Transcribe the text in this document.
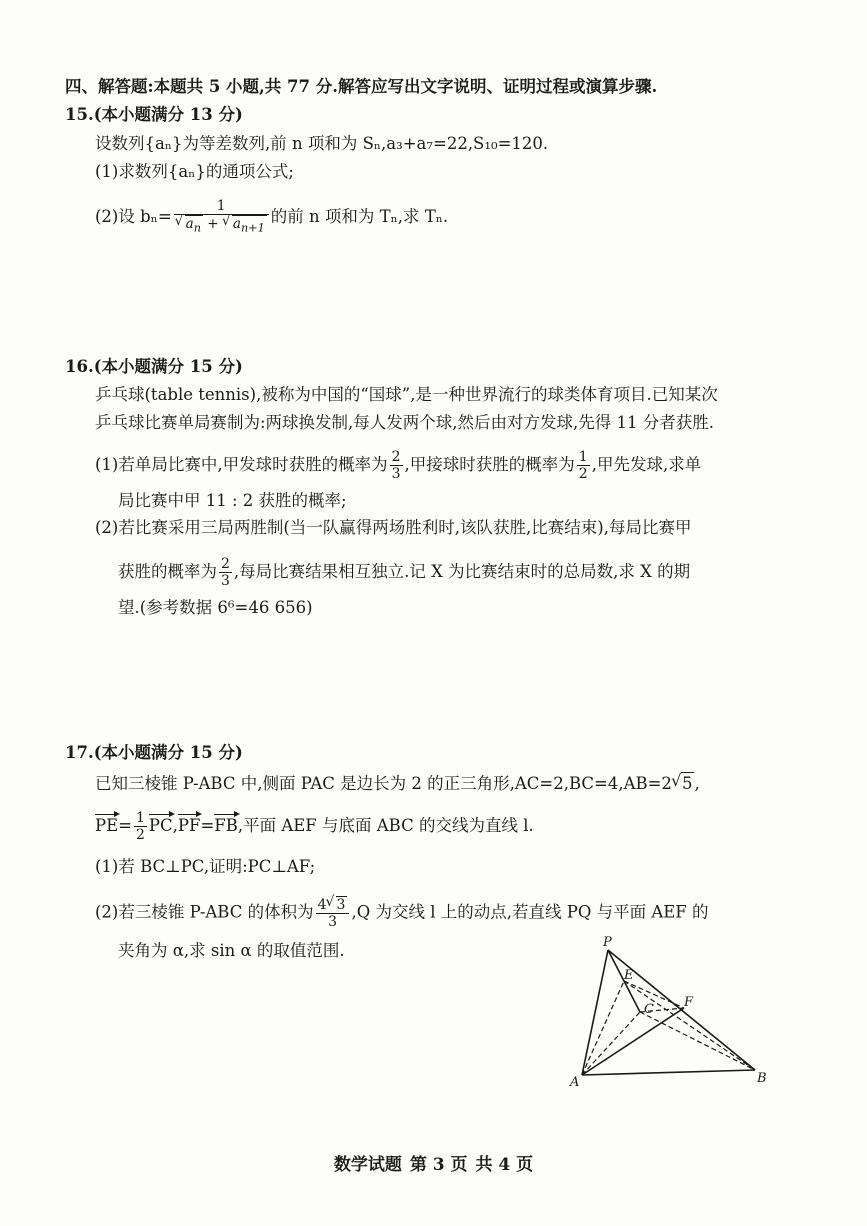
四、解答题:本题共 5 小题,共 77 分.解答应写出文字说明、证明过程或演算步骤.
15.(本小题满分 13 分)
设数列{aₙ}为等差数列,前 n 项和为 Sₙ,a₃+a₇=22,S₁₀=120.
(1)求数列{aₙ}的通项公式;
(2)设 bₙ= 1
√ $a_n$ + √ $a_{n+1}$ 的前 n 项和为 Tₙ,求 Tₙ.
16.(本小题满分 15 分)
乒乓球(table tennis),被称为中国的“国球”,是一种世界流行的球类体育项目.已知某次
乒乓球比赛单局赛制为:两球换发制,每人发两个球,然后由对方发球,先得 11 分者获胜.
(1)若单局比赛中,甲发球时获胜的概率为 $\frac{2}{3}$ ,甲接球时获胜的概率为 $\frac{1}{2}$ ,甲先发球,求单
局比赛中甲 11 : 2 获胜的概率;
(2)若比赛采用三局两胜制(当一队赢得两场胜利时,该队获胜,比赛结束),每局比赛甲
获胜的概率为 $\frac{2}{3}$ ,每局比赛结果相互独立.记 X 为比赛结束时的总局数,求 X 的期
望.(参考数据 6⁶=46 656)
17.(本小题满分 15 分)
已知三棱锥 P-ABC 中,侧面 PAC 是边长为 2 的正三角形,AC=2,BC=4,AB=2 √ 5 ,
$PE= \frac{1}{2} PC,PF=FB$,平面 AEF 与底面 ABC 的交线为直线 l.
(1)若 BC⊥PC,证明:PC⊥AF;
(2)若三棱锥 P-ABC 的体积为 $\frac{4 √ 3}{3} ,Q$ 为交线 l 上的动点,若直线 PQ 与平面 AEF 的
夹角为 α,求 sin α 的取值范围.	P
E
F
C
A	B
数学试题 第 3 页 共 4 页
